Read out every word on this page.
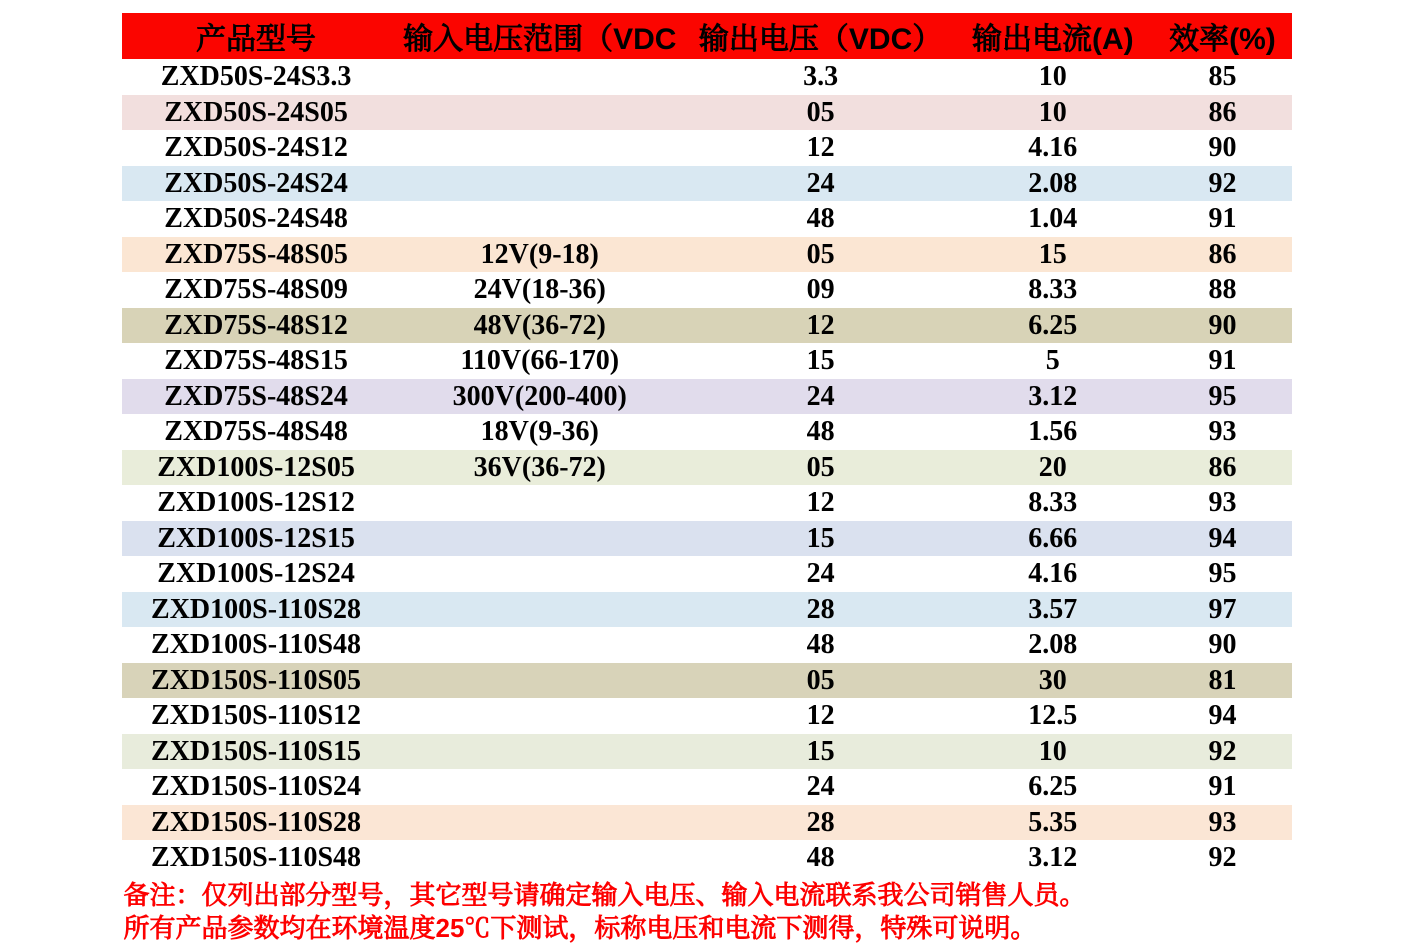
产品型号	输入电压范围（VDC	输出电压（VDC）	输出电流(A)	效率(%)
ZXD50S-24S3.3		3.3	10	85
ZXD50S-24S05		05	10	86
ZXD50S-24S12		12	4.16	90
ZXD50S-24S24		24	2.08	92
ZXD50S-24S48		48	1.04	91
ZXD75S-48S05	12V(9-18)	05	15	86
ZXD75S-48S09	24V(18-36)	09	8.33	88
ZXD75S-48S12	48V(36-72)	12	6.25	90
ZXD75S-48S15	110V(66-170)	15	5	91
ZXD75S-48S24	300V(200-400)	24	3.12	95
ZXD75S-48S48	18V(9-36)	48	1.56	93
ZXD100S-12S05	36V(36-72)	05	20	86
ZXD100S-12S12		12	8.33	93
ZXD100S-12S15		15	6.66	94
ZXD100S-12S24		24	4.16	95
ZXD100S-110S28		28	3.57	97
ZXD100S-110S48		48	2.08	90
ZXD150S-110S05		05	30	81
ZXD150S-110S12		12	12.5	94
ZXD150S-110S15		15	10	92
ZXD150S-110S24		24	6.25	91
ZXD150S-110S28		28	5.35	93
ZXD150S-110S48		48	3.12	92
备注：仅列出部分型号，其它型号请确定输入电压、输入电流联系我公司销售人员。
所有产品参数均在环境温度25℃下测试，标称电压和电流下测得，特殊可说明。
